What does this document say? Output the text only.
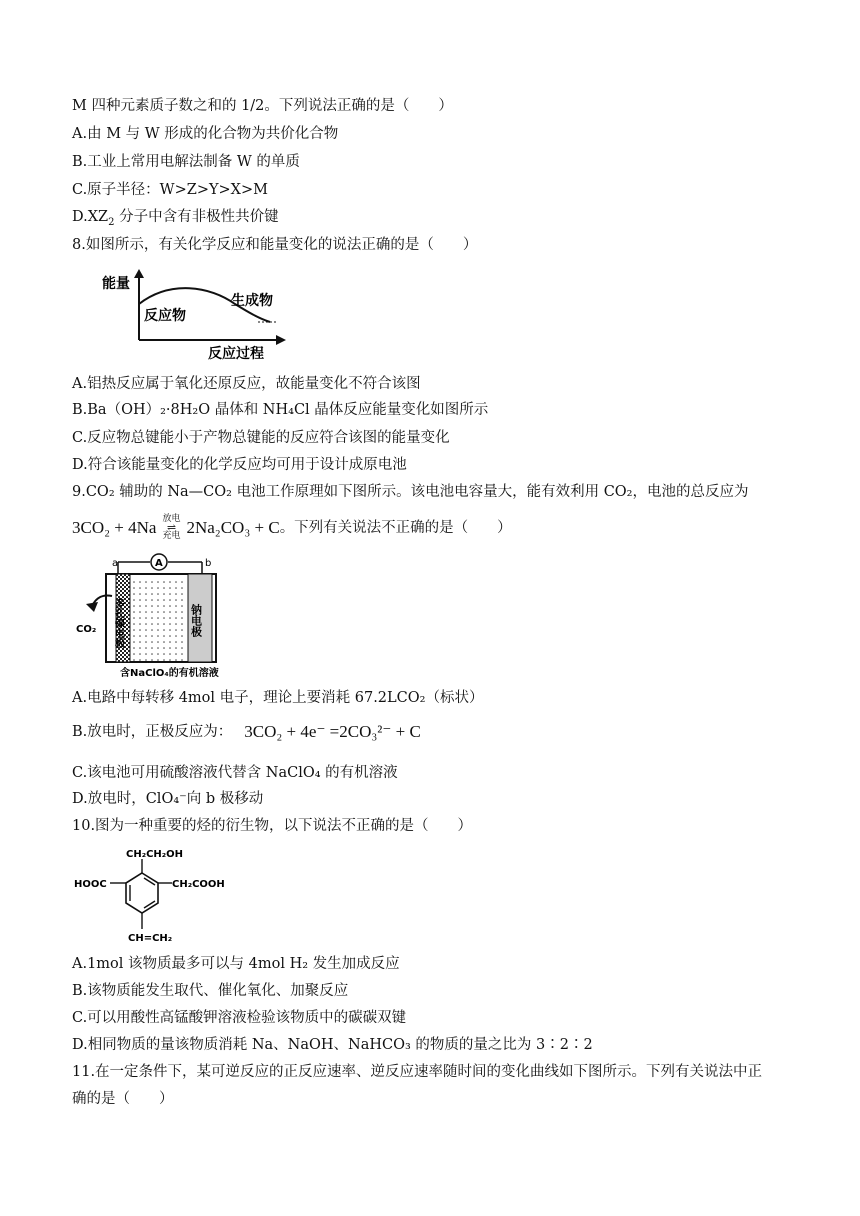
M 四种元素质子数之和的 1/2。下列说法正确的是（　　）
A.由 M 与 W 形成的化合物为共价化合物
B.工业上常用电解法制备 W 的单质
C.原子半径：W>Z>Y>X>M
$D.XZ_2$ 分子中含有非极性共价键
8.如图所示，有关化学反应和能量变化的说法正确的是（　　）
能量
反应物
生成物
反应过程
A.铝热反应属于氧化还原反应，故能量变化不符合该图
B.Ba（OH）₂·8H₂O 晶体和 NH₄Cl 晶体反应能量变化如图所示
C.反应物总键能小于产物总键能的反应符合该图的能量变化
D.符合该能量变化的化学反应均可用于设计成原电池
9.CO₂ 辅助的 Na—CO₂ 电池工作原理如下图所示。该电池电容量大，能有效利用 CO₂，电池的总反应为
3CO₂ + 4Na 放电
⇌
充电 2Na₂CO₃ + C 。下列有关说法不正确的是（　　）
a	b
A
多孔镍电极	钠电极
CO₂
含NaClO₄的有机溶液
A.电路中每转移 4mol 电子，理论上要消耗 67.2LCO₂（标状）
B.放电时，正极反应为： 3CO₂ + 4e⁻ =2CO₃²⁻ + C
C.该电池可用硫酸溶液代替含 NaClO₄ 的有机溶液
D.放电时，ClO₄⁻向 b 极移动
10.图为一种重要的烃的衍生物，以下说法不正确的是（　　）
CH₂CH₂OH
HOOC	CH₂COOH
CH=CH₂
A.1mol 该物质最多可以与 4mol H₂ 发生加成反应
B.该物质能发生取代、催化氧化、加聚反应
C.可以用酸性高锰酸钾溶液检验该物质中的碳碳双键
D.相同物质的量该物质消耗 Na、NaOH、NaHCO₃ 的物质的量之比为 3∶2∶2
11.在一定条件下，某可逆反应的正反应速率、逆反应速率随时间的变化曲线如下图所示。下列有关说法中正
确的是（　　）
